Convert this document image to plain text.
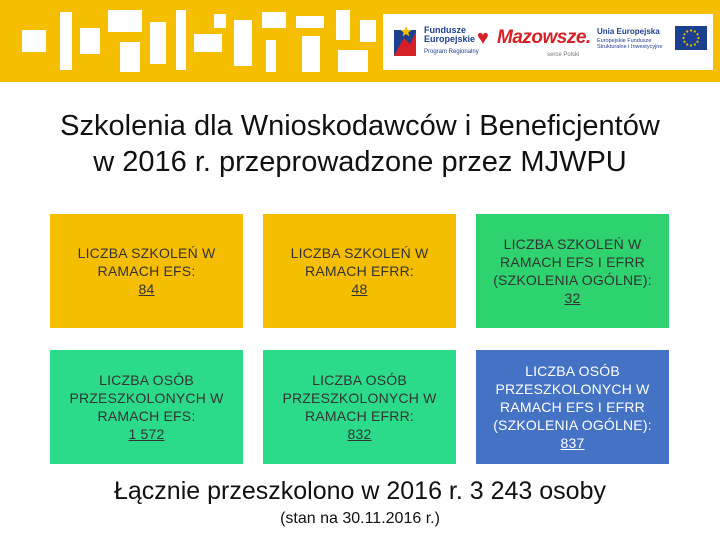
Fundusze
Europejskie
Program Regionalny
♥ Mazowsze.
serce Polski
Unia Europejska
Europejskie Fundusze
Strukturalne i Inwestycyjne
Szkolenia dla Wnioskodawców i Beneficjentów
w 2016 r. przeprowadzone przez MJWPU
LICZBA SZKOLEŃ W RAMACH EFS:
84
LICZBA SZKOLEŃ W RAMACH EFRR:
48
LICZBA SZKOLEŃ W RAMACH EFS I EFRR (SZKOLENIA OGÓLNE):
32
LICZBA OSÓB PRZESZKOLONYCH W RAMACH EFS:
1 572
LICZBA OSÓB PRZESZKOLONYCH W RAMACH EFRR:
832
LICZBA OSÓB PRZESZKOLONYCH W RAMACH EFS I EFRR (SZKOLENIA OGÓLNE):
837
Łącznie przeszkolono w 2016 r. 3 243 osoby
(stan na 30.11.2016 r.)
